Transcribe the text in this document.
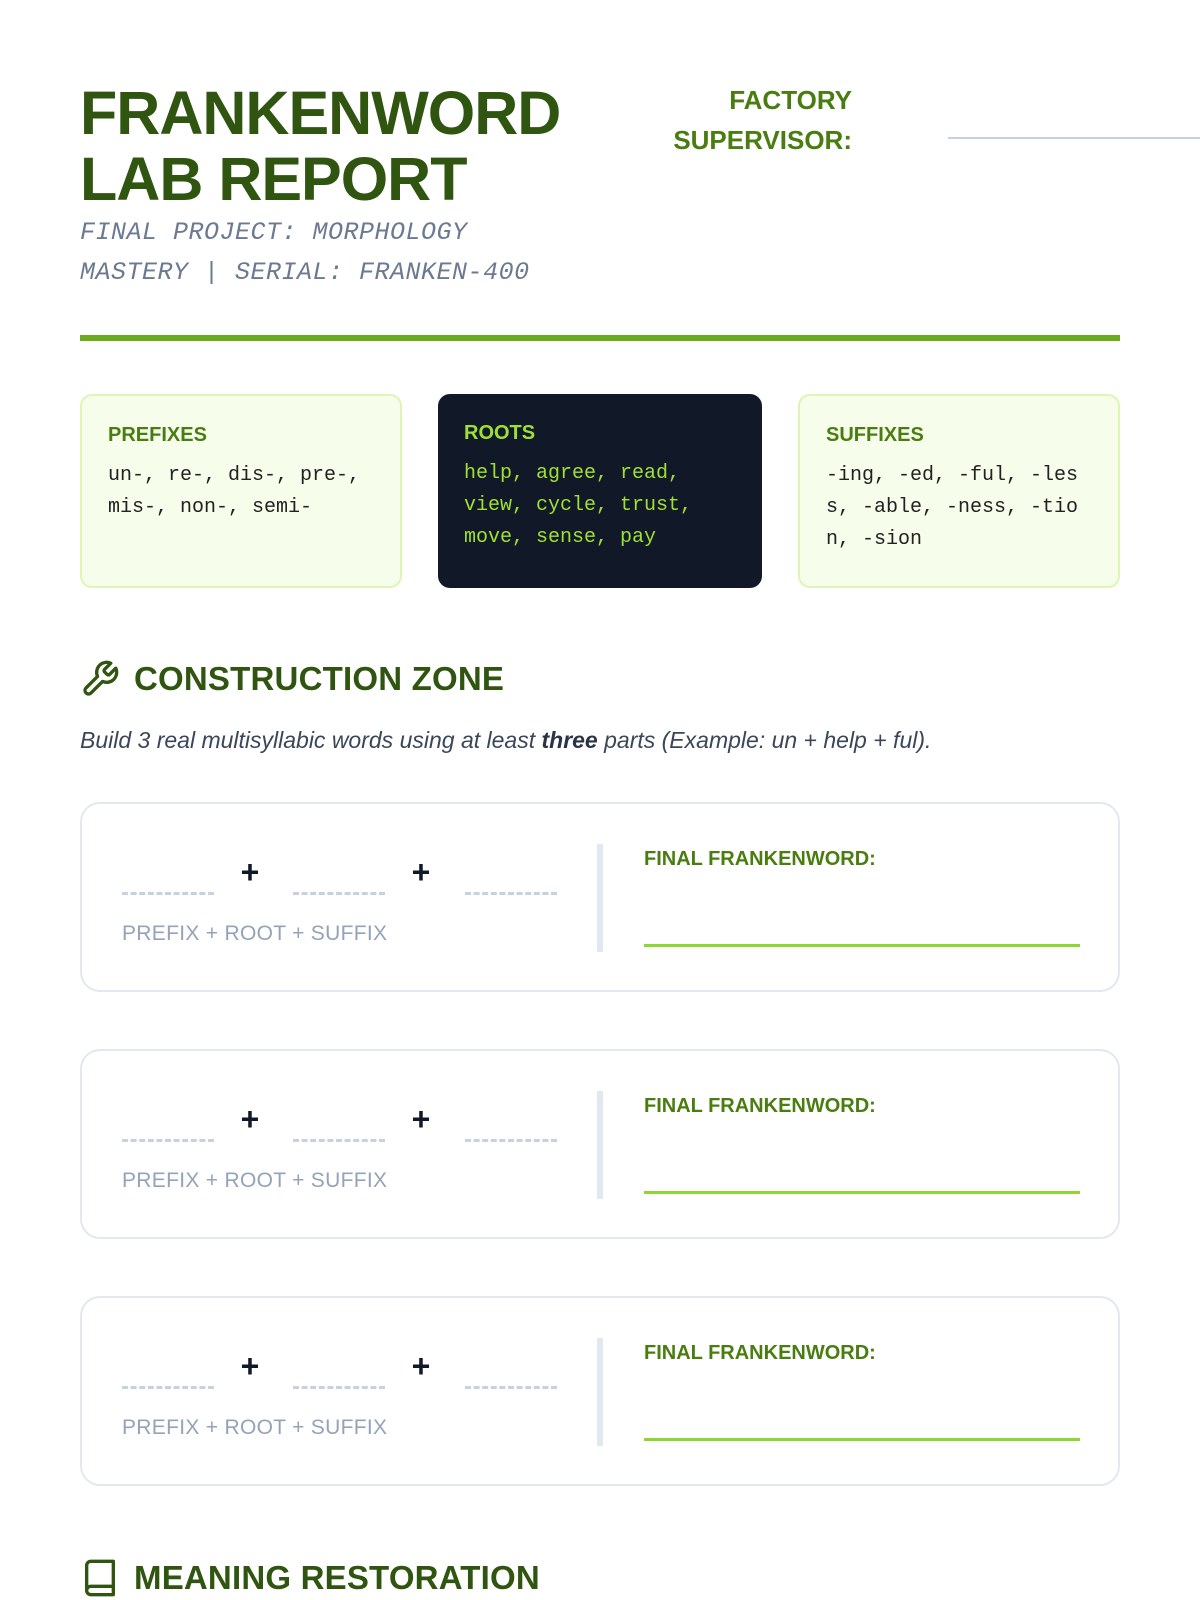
FRANKENWORD
LAB REPORT
FINAL PROJECT: MORPHOLOGY
MASTERY | SERIAL: FRANKEN-400
FACTORY
SUPERVISOR:
PREFIXES
un-, re-, dis-, pre-, mis-, non-, semi-
ROOTS
help, agree, read, view, cycle, trust, move, sense, pay
SUFFIXES
-ing, -ed, -ful, -less, -able, -ness, -tion, -sion
CONSTRUCTION ZONE
Build 3 real multisyllabic words using at least three parts (Example: un + help + ful).
+	+
PREFIX + ROOT + SUFFIX
FINAL FRANKENWORD:
+	+
PREFIX + ROOT + SUFFIX
FINAL FRANKENWORD:
+	+
PREFIX + ROOT + SUFFIX
FINAL FRANKENWORD:
MEANING RESTORATION
